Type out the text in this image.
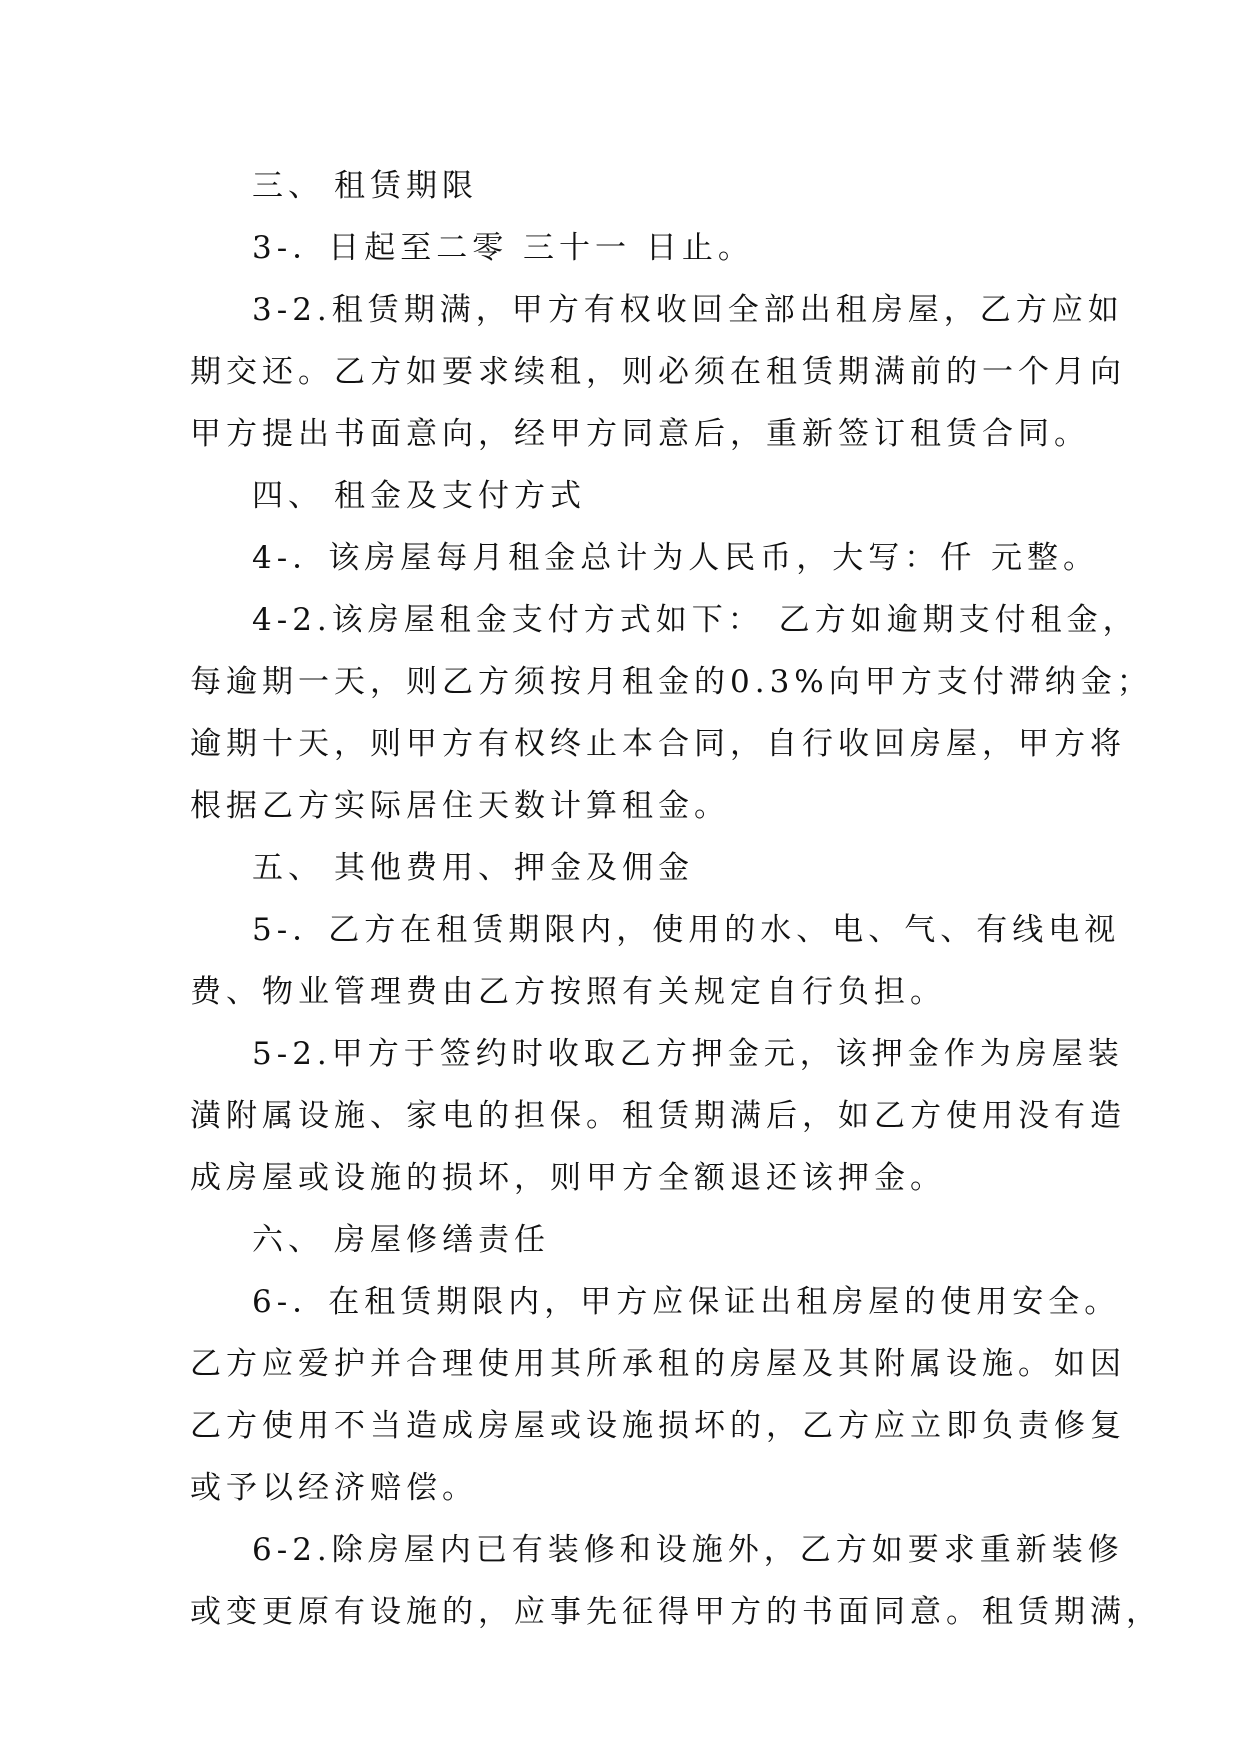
三、 租赁期限
3-．日起至二零 三十一 日止。
3-2.租赁期满，甲方有权收回全部出租房屋，乙方应如
期交还。乙方如要求续租，则必须在租赁期满前的一个月向
甲方提出书面意向，经甲方同意后，重新签订租赁合同。
四、 租金及支付方式
4-．该房屋每月租金总计为人民币，大写：仟 元整。
4-2.该房屋租金支付方式如下： 乙方如逾期支付租金，
每逾期一天，则乙方须按月租金的0.3%向甲方支付滞纳金；
逾期十天，则甲方有权终止本合同，自行收回房屋，甲方将
根据乙方实际居住天数计算租金。
五、 其他费用、押金及佣金
5-．乙方在租赁期限内，使用的水、电、气、有线电视
费、物业管理费由乙方按照有关规定自行负担。
5-2.甲方于签约时收取乙方押金元，该押金作为房屋装
潢附属设施、家电的担保。租赁期满后，如乙方使用没有造
成房屋或设施的损坏，则甲方全额退还该押金。
六、 房屋修缮责任
6-．在租赁期限内，甲方应保证出租房屋的使用安全。
乙方应爱护并合理使用其所承租的房屋及其附属设施。如因
乙方使用不当造成房屋或设施损坏的，乙方应立即负责修复
或予以经济赔偿。
6-2.除房屋内已有装修和设施外，乙方如要求重新装修
或变更原有设施的，应事先征得甲方的书面同意。租赁期满，
